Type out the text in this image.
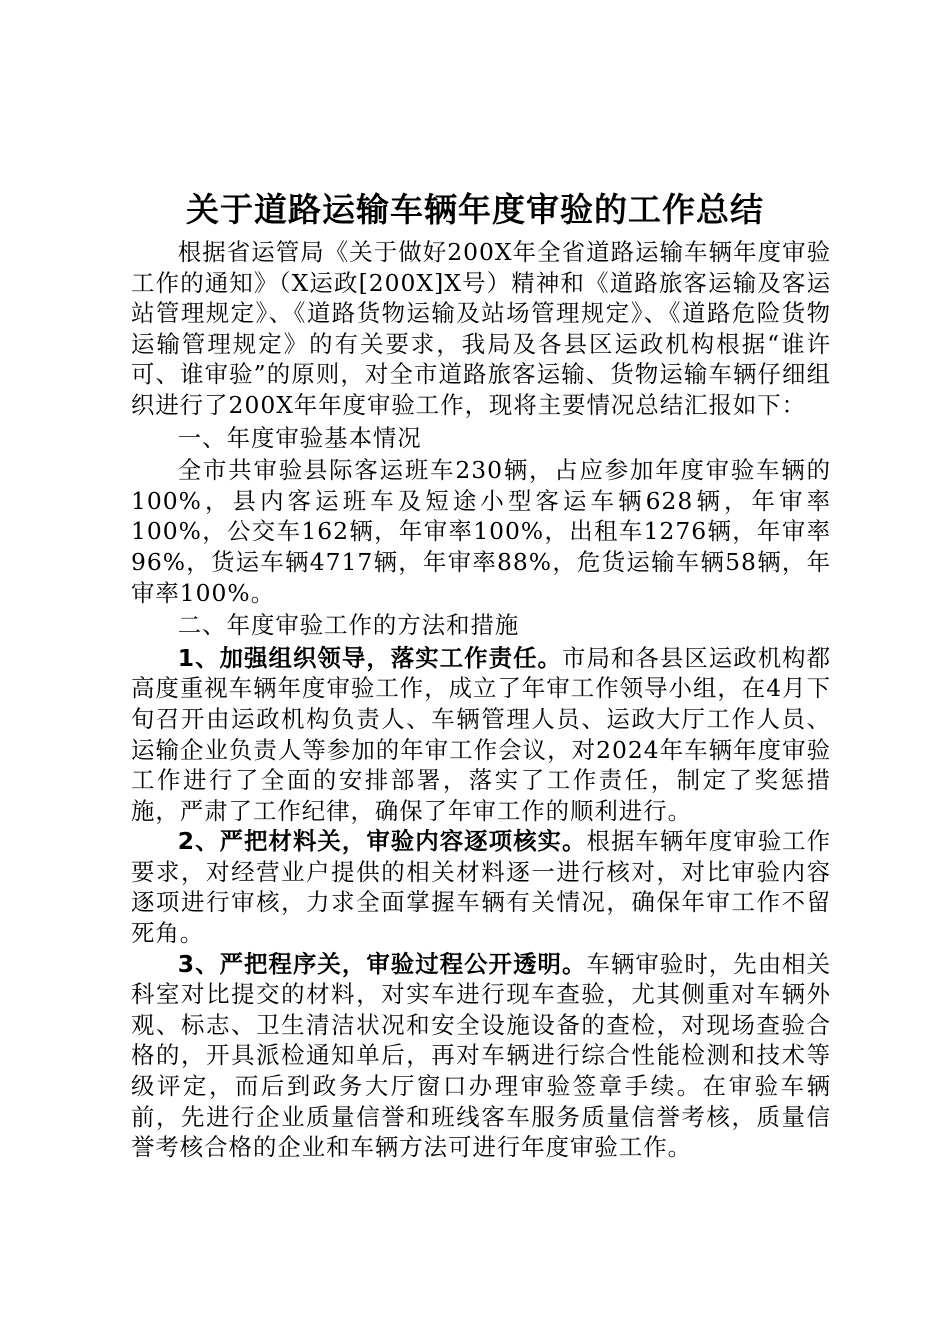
关于道路运输车辆年度审验的工作总结

根据省运管局《关于做好200X年全省道路运输车辆年度审验工作的通知》（X运政[200X]X号）精神和《道路旅客运输及客运站管理规定》、《道路货物运输及站场管理规定》、《道路危险货物运输管理规定》的有关要求，我局及各县区运政机构根据“谁许可、谁审验”的原则，对全市道路旅客运输、货物运输车辆仔细组织进行了200X年年度审验工作，现将主要情况总结汇报如下：

一、年度审验基本情况

全市共审验县际客运班车230辆，占应参加年度审验车辆的100%，县内客运班车及短途小型客运车辆628辆，年审率100%，公交车162辆，年审率100%，出租车1276辆，年审率96%，货运车辆4717辆，年审率88%，危货运输车辆58辆，年审率100%。

二、年度审验工作的方法和措施

1、加强组织领导，落实工作责任。市局和各县区运政机构都高度重视车辆年度审验工作，成立了年审工作领导小组，在4月下旬召开由运政机构负责人、车辆管理人员、运政大厅工作人员、运输企业负责人等参加的年审工作会议，对2024年车辆年度审验工作进行了全面的安排部署，落实了工作责任，制定了奖惩措施，严肃了工作纪律，确保了年审工作的顺利进行。

2、严把材料关，审验内容逐项核实。根据车辆年度审验工作要求，对经营业户提供的相关材料逐一进行核对，对比审验内容逐项进行审核，力求全面掌握车辆有关情况，确保年审工作不留死角。

3、严把程序关，审验过程公开透明。车辆审验时，先由相关科室对比提交的材料，对实车进行现车查验，尤其侧重对车辆外观、标志、卫生清洁状况和安全设施设备的查检，对现场查验合格的，开具派检通知单后，再对车辆进行综合性能检测和技术等级评定，而后到政务大厅窗口办理审验签章手续。在审验车辆前，先进行企业质量信誉和班线客车服务质量信誉考核，质量信誉考核合格的企业和车辆方法可进行年度审验工作。
